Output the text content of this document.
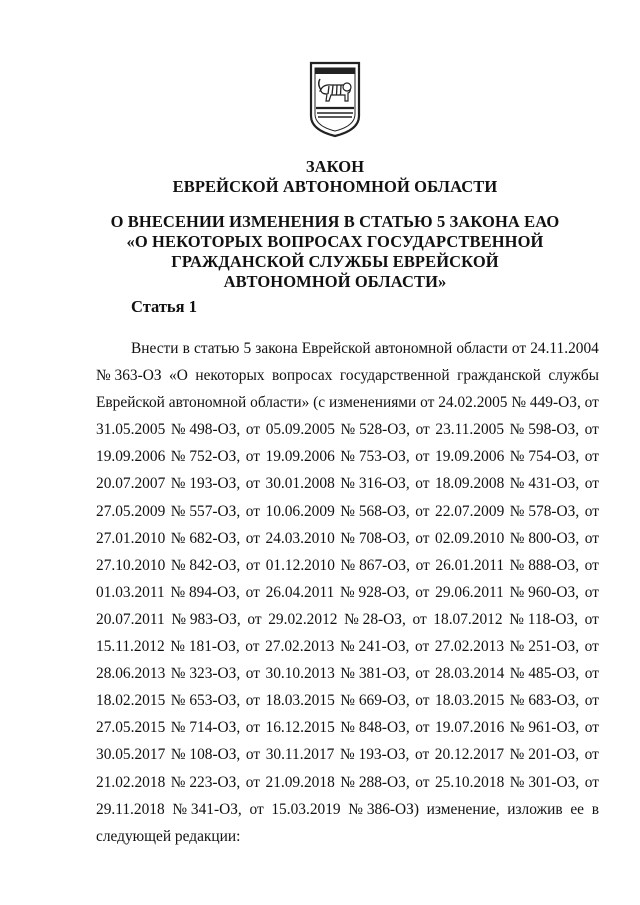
ЗАКОН
ЕВРЕЙСКОЙ АВТОНОМНОЙ ОБЛАСТИ
О ВНЕСЕНИИ ИЗМЕНЕНИЯ В СТАТЬЮ 5 ЗАКОНА ЕАО
«О НЕКОТОРЫХ ВОПРОСАХ ГОСУДАРСТВЕННОЙ
ГРАЖДАНСКОЙ СЛУЖБЫ ЕВРЕЙСКОЙ
АВТОНОМНОЙ ОБЛАСТИ»
Статья 1
Внести в статью 5 закона Еврейской автономной области от 24.11.2004
№ 363-ОЗ «О некоторых вопросах государственной гражданской службы
Еврейской автономной области» (с изменениями от 24.02.2005 № 449-ОЗ, от
31.05.2005 № 498-ОЗ, от 05.09.2005 № 528-ОЗ, от 23.11.2005 № 598-ОЗ, от
19.09.2006 № 752-ОЗ, от 19.09.2006 № 753-ОЗ, от 19.09.2006 № 754-ОЗ, от
20.07.2007 № 193-ОЗ, от 30.01.2008 № 316-ОЗ, от 18.09.2008 № 431-ОЗ, от
27.05.2009 № 557-ОЗ, от 10.06.2009 № 568-ОЗ, от 22.07.2009 № 578-ОЗ, от
27.01.2010 № 682-ОЗ, от 24.03.2010 № 708-ОЗ, от 02.09.2010 № 800-ОЗ, от
27.10.2010 № 842-ОЗ, от 01.12.2010 № 867-ОЗ, от 26.01.2011 № 888-ОЗ, от
01.03.2011 № 894-ОЗ, от 26.04.2011 № 928-ОЗ, от 29.06.2011 № 960-ОЗ, от
20.07.2011 № 983-ОЗ, от 29.02.2012 № 28-ОЗ, от 18.07.2012 № 118-ОЗ, от
15.11.2012 № 181-ОЗ, от 27.02.2013 № 241-ОЗ, от 27.02.2013 № 251-ОЗ, от
28.06.2013 № 323-ОЗ, от 30.10.2013 № 381-ОЗ, от 28.03.2014 № 485-ОЗ, от
18.02.2015 № 653-ОЗ, от 18.03.2015 № 669-ОЗ, от 18.03.2015 № 683-ОЗ, от
27.05.2015 № 714-ОЗ, от 16.12.2015 № 848-ОЗ, от 19.07.2016 № 961-ОЗ, от
30.05.2017 № 108-ОЗ, от 30.11.2017 № 193-ОЗ, от 20.12.2017 № 201-ОЗ, от
21.02.2018 № 223-ОЗ, от 21.09.2018 № 288-ОЗ, от 25.10.2018 № 301-ОЗ, от
29.11.2018 № 341-ОЗ, от 15.03.2019 № 386-ОЗ) изменение, изложив ее в
следующей редакции:
